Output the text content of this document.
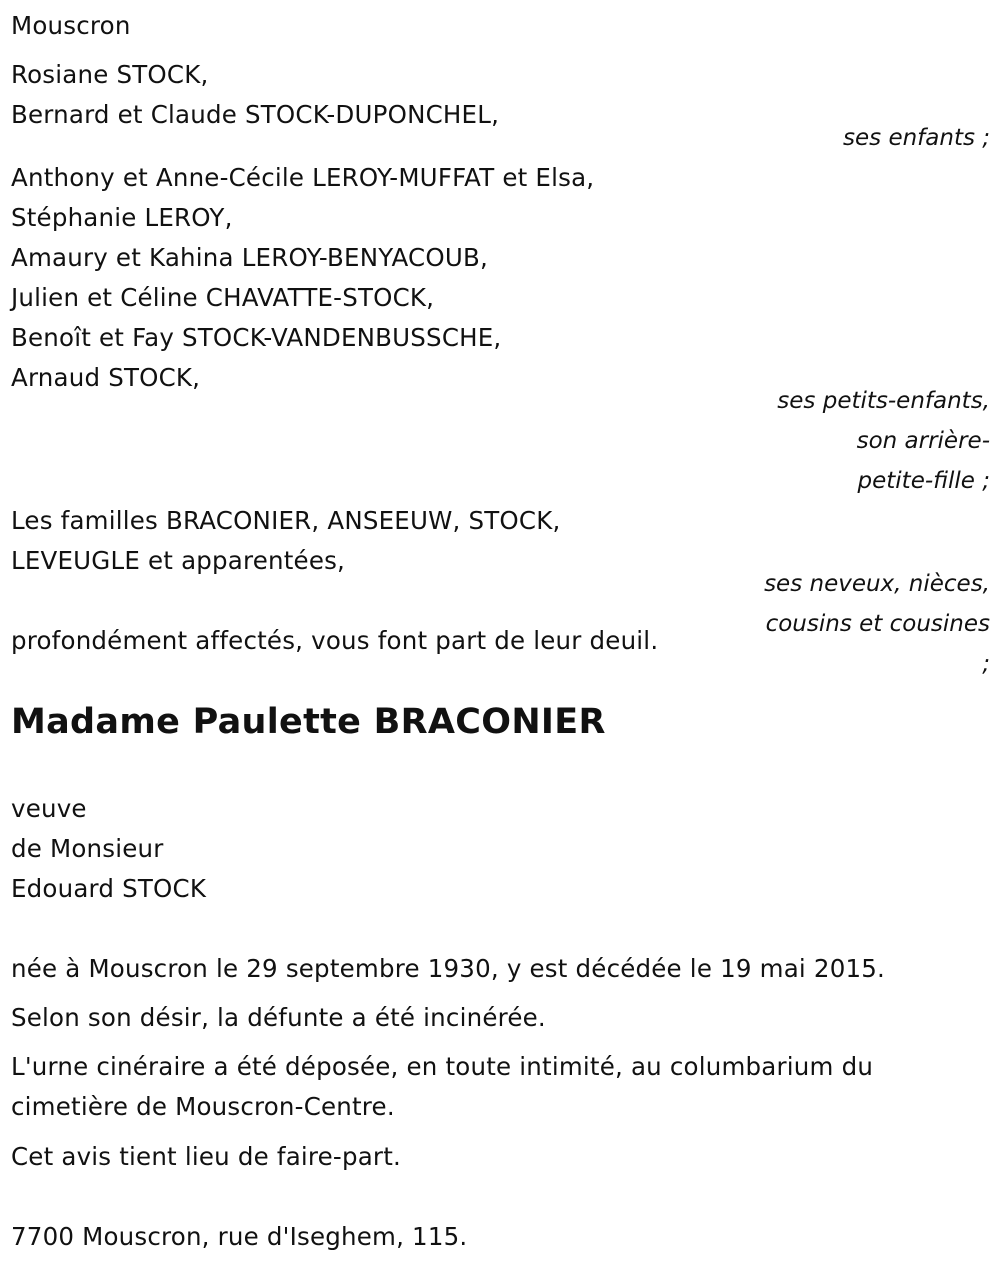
Mouscron
Rosiane STOCK,
Bernard et Claude STOCK-DUPONCHEL,
ses enfants ;
Anthony et Anne-Cécile LEROY-MUFFAT et Elsa,
Stéphanie LEROY,
Amaury et Kahina LEROY-BENYACOUB,
Julien et Céline CHAVATTE-STOCK,
Benoît et Fay STOCK-VANDENBUSSCHE,
Arnaud STOCK,
ses petits-enfants,
son arrière-
petite-fille ;
Les familles BRACONIER, ANSEEUW, STOCK,
LEVEUGLE et apparentées,
ses neveux, nièces,
cousins et cousines
;
profondément affectés, vous font part de leur deuil.
Madame Paulette BRACONIER
veuve
de Monsieur
Edouard STOCK
née à Mouscron le 29 septembre 1930, y est décédée le 19 mai 2015.
Selon son désir, la défunte a été incinérée.
L'urne cinéraire a été déposée, en toute intimité, au columbarium du
cimetière de Mouscron-Centre.
Cet avis tient lieu de faire-part.
7700 Mouscron, rue d'Iseghem, 115.
